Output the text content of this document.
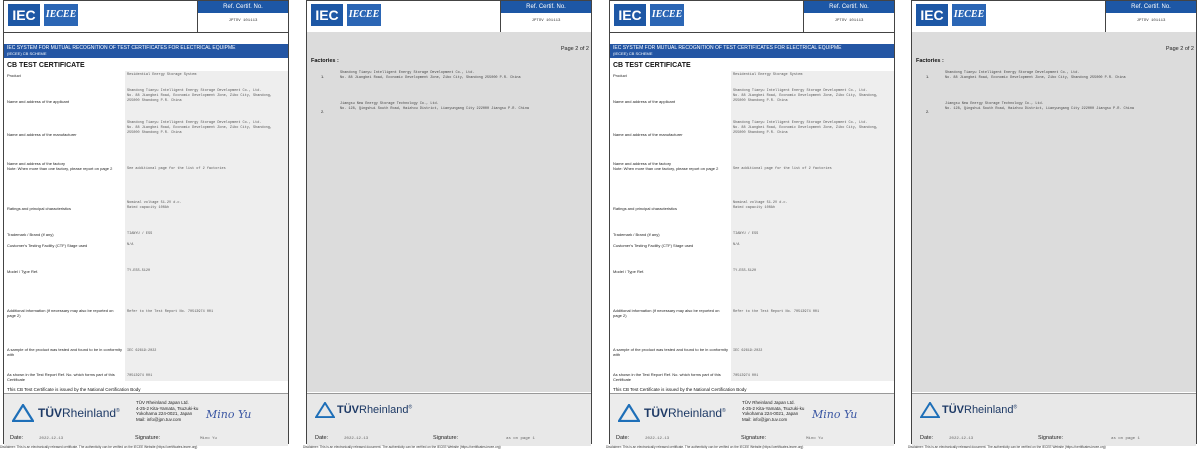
IEC	IECEE
Ref. Certif. No.
JPTÜV 101113
IEC SYSTEM FOR MUTUAL RECOGNITION OF TEST CERTIFICATES FOR ELECTRICAL EQUIPME
(IECEE) CB SCHEME
CB TEST CERTIFICATE
Product	Residential Energy Storage System
Name and address of the applicant
Shandong Tianyu Intelligent Energy Storage Development Co., Ltd.
No. 88 Jiangbei Road, Economic Development Zone, Zibo City, Shandong, 255000 Shandong P.R. China
Name and address of the manufacturer
Shandong Tianyu Intelligent Energy Storage Development Co., Ltd.
No. 88 Jiangbei Road, Economic Development Zone, Zibo City, Shandong, 255000 Shandong P.R. China
Name and address of the factory
Note: When more than one factory, please report on page 2	See additional page for the list of 2 factories
Ratings and principal characteristics
Nominal voltage 51.2V d.c.
Rated capacity 100Ah
Trademark / Brand (if any)	TIANYU / ESS
Customer's Testing Facility (CTF) Stage used	N/A
Model / Type Ref.	TY-ESS-5120
Additional information (if necessary may also be reported on page 2)
Refer to the Test Report No. 70513974 001
A sample of the product was tested and found to be in conformity with
IEC 62619:2022
As shown in the Test Report Ref. No. which forms part of this Certificate
70513974 001
This CB Test Certificate is issued by the National Certification Body
TÜVRheinland®
TÜV Rheinland Japan Ltd.
4-25-2 Kita-Yamata, Tsuzuki-ku
Yokohama 224-0021, Japan
Mail: info@jpn.tuv.com	Mino Yu
Date:	2022-12-13	Signature:	Mino Yu
Disclaimer: This is an electronically released certificate. The authenticity can be verified on the IECEE Website (https://certificates.iecee.org)
IEC	IECEE
Ref. Certif. No.
JPTÜV 101113
Page 2 of 2
Factories :
1.
Shandong Tianyu Intelligent Energy Storage Development Co., Ltd.
No. 88 Jiangbei Road, Economic Development Zone, Zibo City, Shandong 255000 P.R. China
2.
Jiangsu New Energy Storage Technology Co., Ltd.
No. 128, Qingshui South Road, Haizhou District, Lianyungang City 222000 Jiangsu P.R. China
TÜVRheinland®
Date:	2022-12-13	Signature:	as on page 1
Disclaimer: This is an electronically released document. The authenticity can be verified on the IECEE Website (https://certificates.iecee.org)
IEC	IECEE
Ref. Certif. No.
JPTÜV 101113
IEC SYSTEM FOR MUTUAL RECOGNITION OF TEST CERTIFICATES FOR ELECTRICAL EQUIPME
(IECEE) CB SCHEME
CB TEST CERTIFICATE
Product	Residential Energy Storage System
Name and address of the applicant
Shandong Tianyu Intelligent Energy Storage Development Co., Ltd.
No. 88 Jiangbei Road, Economic Development Zone, Zibo City, Shandong, 255000 Shandong P.R. China
Name and address of the manufacturer
Shandong Tianyu Intelligent Energy Storage Development Co., Ltd.
No. 88 Jiangbei Road, Economic Development Zone, Zibo City, Shandong, 255000 Shandong P.R. China
Name and address of the factory
Note: When more than one factory, please report on page 2	See additional page for the list of 2 factories
Ratings and principal characteristics
Nominal voltage 51.2V d.c.
Rated capacity 100Ah
Trademark / Brand (if any)	TIANYU / ESS
Customer's Testing Facility (CTF) Stage used	N/A
Model / Type Ref.	TY-ESS-5120
Additional information (if necessary may also be reported on page 2)
Refer to the Test Report No. 70513974 001
A sample of the product was tested and found to be in conformity with
IEC 62619:2022
As shown in the Test Report Ref. No. which forms part of this Certificate
70513974 001
This CB Test Certificate is issued by the National Certification Body
TÜVRheinland®
TÜV Rheinland Japan Ltd.
4-25-2 Kita-Yamata, Tsuzuki-ku
Yokohama 224-0021, Japan
Mail: info@jpn.tuv.com	Mino Yu
Date:	2022-12-13	Signature:	Mino Yu
Disclaimer: This is an electronically released certificate. The authenticity can be verified on the IECEE Website (https://certificates.iecee.org)
IEC	IECEE
Ref. Certif. No.
JPTÜV 101113
Page 2 of 2
Factories :
1.
Shandong Tianyu Intelligent Energy Storage Development Co., Ltd.
No. 88 Jiangbei Road, Economic Development Zone, Zibo City, Shandong 255000 P.R. China
2.
Jiangsu New Energy Storage Technology Co., Ltd.
No. 128, Qingshui South Road, Haizhou District, Lianyungang City 222000 Jiangsu P.R. China
TÜVRheinland®
Date:	2022-12-13	Signature:	as on page 1
Disclaimer: This is an electronically released document. The authenticity can be verified on the IECEE Website (https://certificates.iecee.org)
